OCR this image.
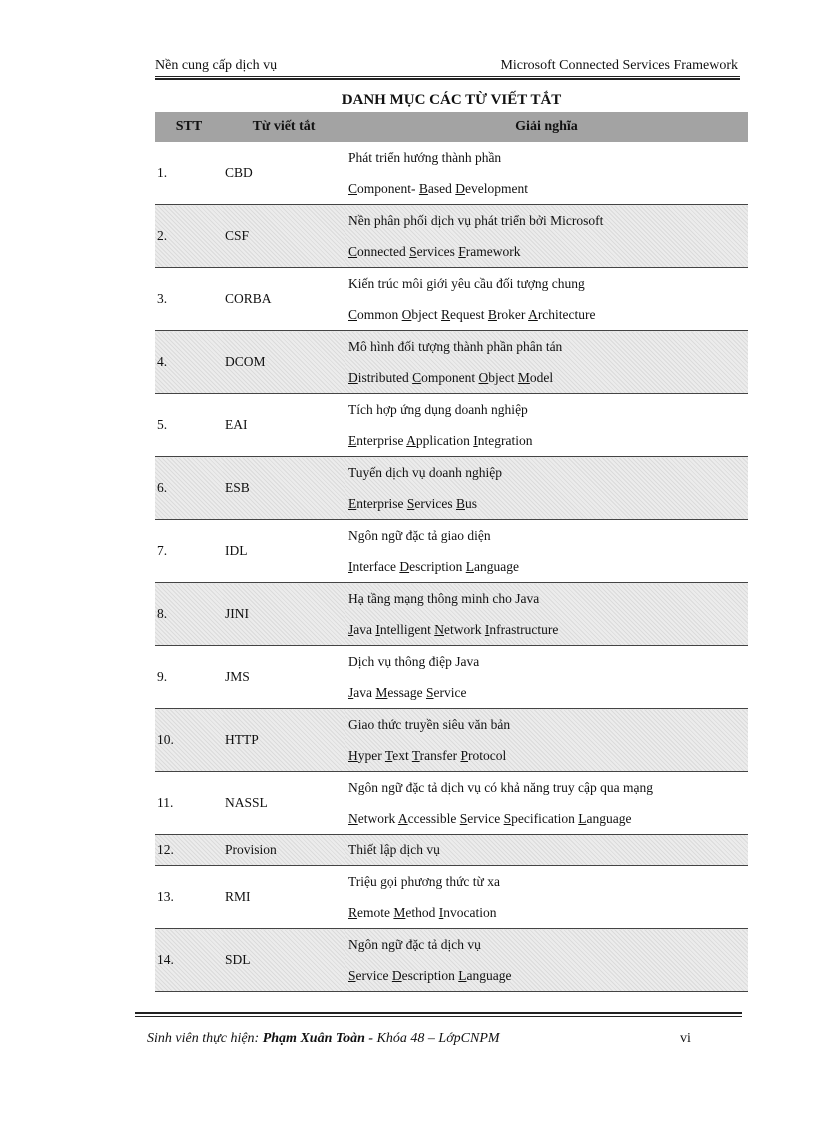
Nền cung cấp dịch vụ	Microsoft Connected Services Framework
DANH MỤC CÁC TỪ VIẾT TẮT
STT	Từ viết tắt	Giải nghĩa
1.	CBD	Phát triển hướng thành phần
Component- Based Development

2.	CSF	Nền phân phối dịch vụ phát triển bởi Microsoft
Connected Services Framework

3.	CORBA	Kiến trúc môi giới yêu cầu đối tượng chung
Common Object Request Broker Architecture

4.	DCOM	Mô hình đối tượng thành phần phân tán
Distributed Component Object Model

5.	EAI	Tích hợp ứng dụng doanh nghiệp
Enterprise Application Integration

6.	ESB	Tuyến dịch vụ doanh nghiệp
Enterprise Services Bus

7.	IDL	Ngôn ngữ đặc tả giao diện
Interface Description Language

8.	JINI	Hạ tầng mạng thông minh cho Java
Java Intelligent Network Infrastructure

9.	JMS	Dịch vụ thông điệp Java
Java Message Service

10.	HTTP	Giao thức truyền siêu văn bản
Hyper Text Transfer Protocol

11.	NASSL	Ngôn ngữ đặc tả dịch vụ có khả năng truy cập qua mạng
Network Accessible Service Specification Language

12.	Provision	Thiết lập dịch vụ

13.	RMI	Triệu gọi phương thức từ xa
Remote Method Invocation

14.	SDL	Ngôn ngữ đặc tả dịch vụ
Service Description Language
Sinh viên thực hiện: Phạm Xuân Toàn - Khóa 48 – LớpCNPM	vi
